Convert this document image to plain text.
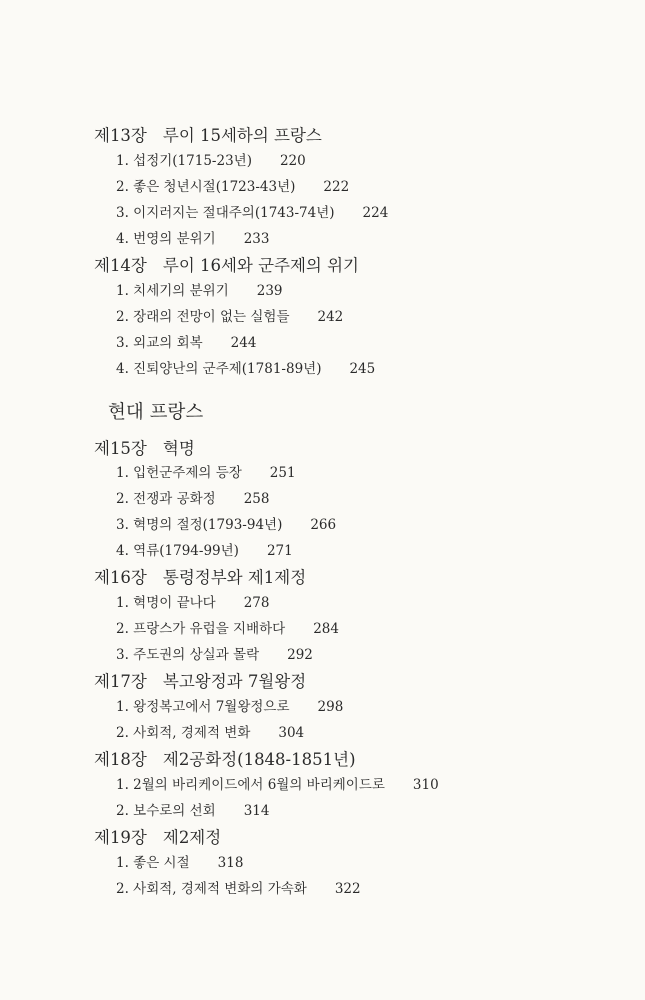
제13장 루이 15세하의 프랑스
1. 섭정기(1715-23년) 220
2. 좋은 청년시절(1723-43년) 222
3. 이지러지는 절대주의(1743-74년) 224
4. 번영의 분위기 233
제14장 루이 16세와 군주제의 위기
1. 치세기의 분위기 239
2. 장래의 전망이 없는 실험들 242
3. 외교의 회복 244
4. 진퇴양난의 군주제(1781-89년) 245
현대 프랑스
제15장 혁명
1. 입헌군주제의 등장 251
2. 전쟁과 공화정 258
3. 혁명의 절정(1793-94년) 266
4. 역류(1794-99년) 271
제16장 통령정부와 제1제정
1. 혁명이 끝나다 278
2. 프랑스가 유럽을 지배하다 284
3. 주도권의 상실과 몰락 292
제17장 복고왕정과 7월왕정
1. 왕정복고에서 7월왕정으로 298
2. 사회적, 경제적 변화 304
제18장 제2공화정(1848-1851년)
1. 2월의 바리케이드에서 6월의 바리케이드로 310
2. 보수로의 선회 314
제19장 제2제정
1. 좋은 시절 318
2. 사회적, 경제적 변화의 가속화 322
